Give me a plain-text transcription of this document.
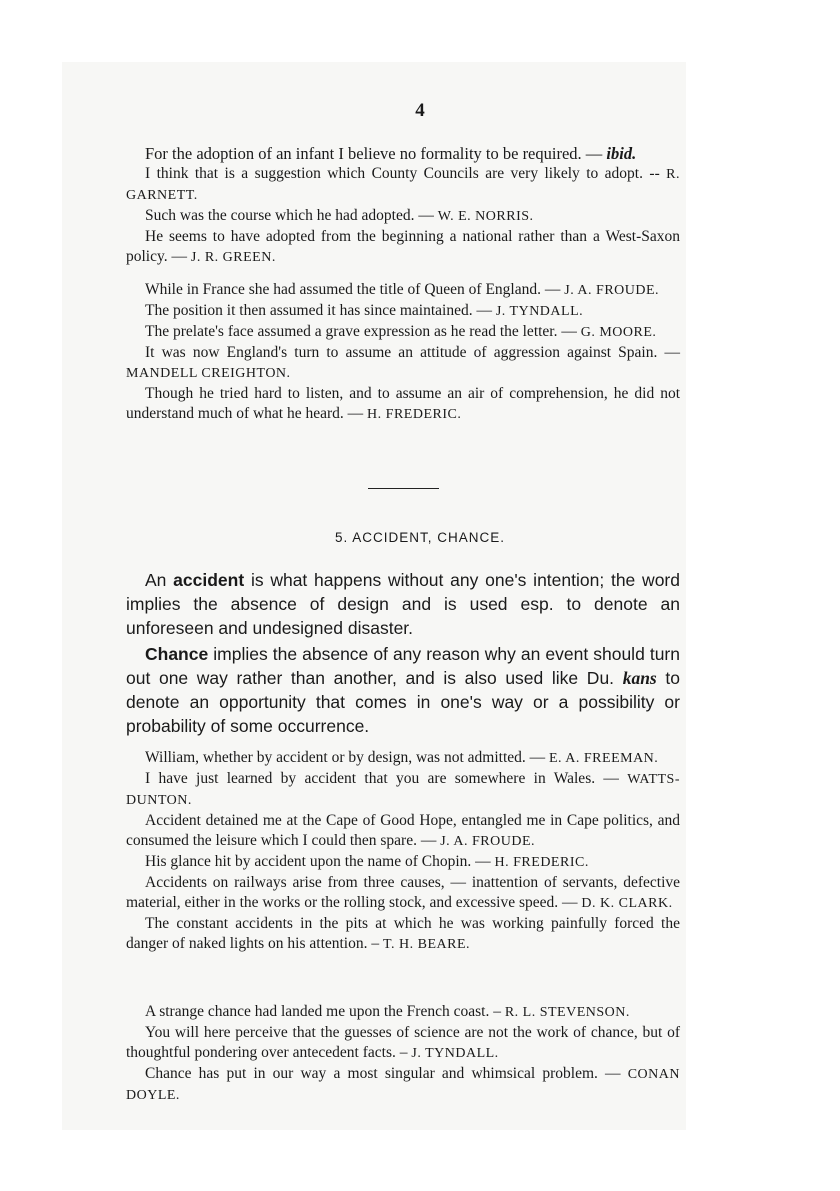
4

For the adoption of an infant I believe no formality to be required. — ibid.

I think that is a suggestion which County Councils are very likely to adopt. -- R. GARNETT.

Such was the course which he had adopted. — W. E. NORRIS.

He seems to have adopted from the beginning a national rather than a West-Saxon policy. — J. R. GREEN.

While in France she had assumed the title of Queen of England. — J. A. FROUDE.

The position it then assumed it has since maintained. — J. TYNDALL.

The prelate's face assumed a grave expression as he read the letter. — G. MOORE.

It was now England's turn to assume an attitude of aggression against Spain. — MANDELL CREIGHTON.

Though he tried hard to listen, and to assume an air of comprehension, he did not understand much of what he heard. — H. FREDERIC.

5. ACCIDENT, CHANCE.

An accident is what happens without any one's intention; the word implies the absence of design and is used esp. to denote an unforeseen and undesigned disaster.

Chance implies the absence of any reason why an event should turn out one way rather than another, and is also used like Du. kans to denote an opportunity that comes in one's way or a possibility or probability of some occurrence.

William, whether by accident or by design, was not admitted. — E. A. FREEMAN.

I have just learned by accident that you are somewhere in Wales. — WATTS-DUNTON.

Accident detained me at the Cape of Good Hope, entangled me in Cape politics, and consumed the leisure which I could then spare. — J. A. FROUDE.

His glance hit by accident upon the name of Chopin. — H. FREDERIC.

Accidents on railways arise from three causes, — inattention of servants, defective material, either in the works or the rolling stock, and excessive speed. — D. K. CLARK.

The constant accidents in the pits at which he was working painfully forced the danger of naked lights on his attention. – T. H. BEARE.

A strange chance had landed me upon the French coast. – R. L. STEVENSON.

You will here perceive that the guesses of science are not the work of chance, but of thoughtful pondering over antecedent facts. – J. TYNDALL.

Chance has put in our way a most singular and whimsical problem. — CONAN DOYLE.
